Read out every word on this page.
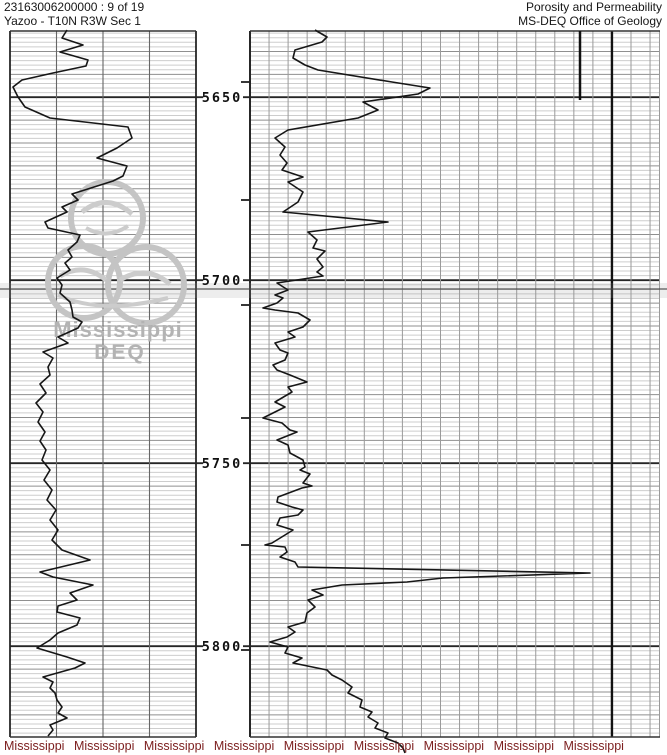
23163006200000 : 9 of 19
Yazoo - T10N R3W Sec 1
Porosity and Permeability
MS-DEQ Office of Geology
Mississippi
DEQ
5650
5700
5750
5800
Mississippi Mississippi Mississippi Mississippi Mississippi Mississippi Mississippi Mississippi Mississippi
